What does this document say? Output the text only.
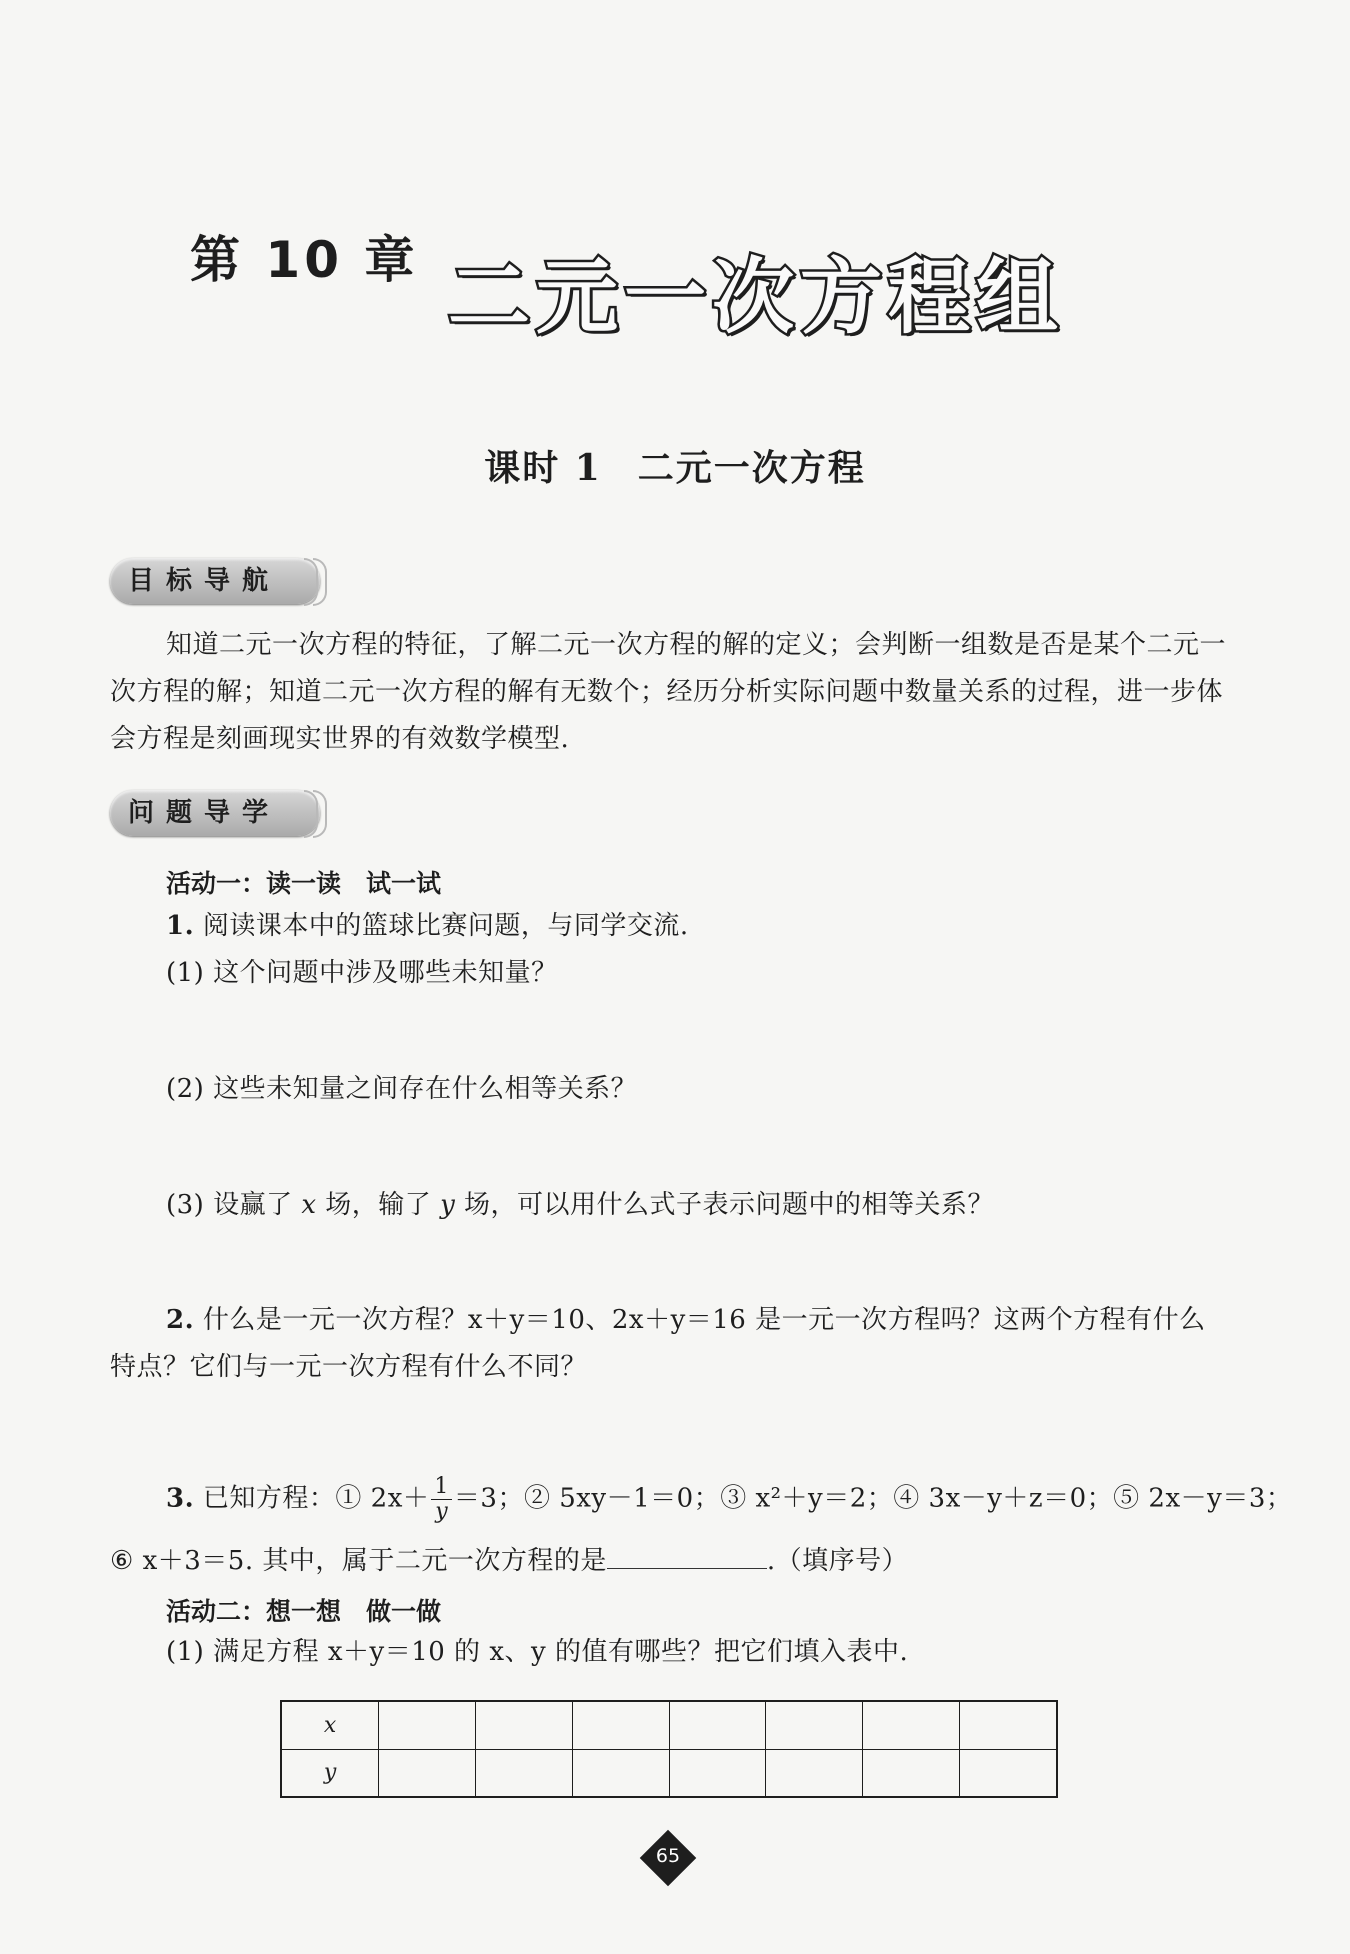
第 10 章 二元一次方程组
课时 1 二元一次方程
目标导航
知道二元一次方程的特征，了解二元一次方程的解的定义；会判断一组数是否是某个二元一次方程的解；知道二元一次方程的解有无数个；经历分析实际问题中数量关系的过程，进一步体会方程是刻画现实世界的有效数学模型.
问题导学
活动一：读一读　试一试
1. 阅读课本中的篮球比赛问题，与同学交流.
(1) 这个问题中涉及哪些未知量？
(2) 这些未知量之间存在什么相等关系？
(3) 设赢了 x 场，输了 y 场，可以用什么式子表示问题中的相等关系？
2. 什么是一元一次方程？x＋y＝10、2x＋y＝16 是一元一次方程吗？这两个方程有什么
特点？它们与一元一次方程有什么不同？
3. 已知方程：① $2x+ \frac{1}{y} =3$；② 5xy－1＝0；③ x²＋y＝2；④ 3x－y＋z＝0；⑤ 2x－y＝3；
⑥ x＋3＝5. 其中，属于二元一次方程的是	.（填序号）
活动二：想一想　做一做
(1) 满足方程 x＋y＝10 的 x、y 的值有哪些？把它们填入表中.
x							
y							
65
